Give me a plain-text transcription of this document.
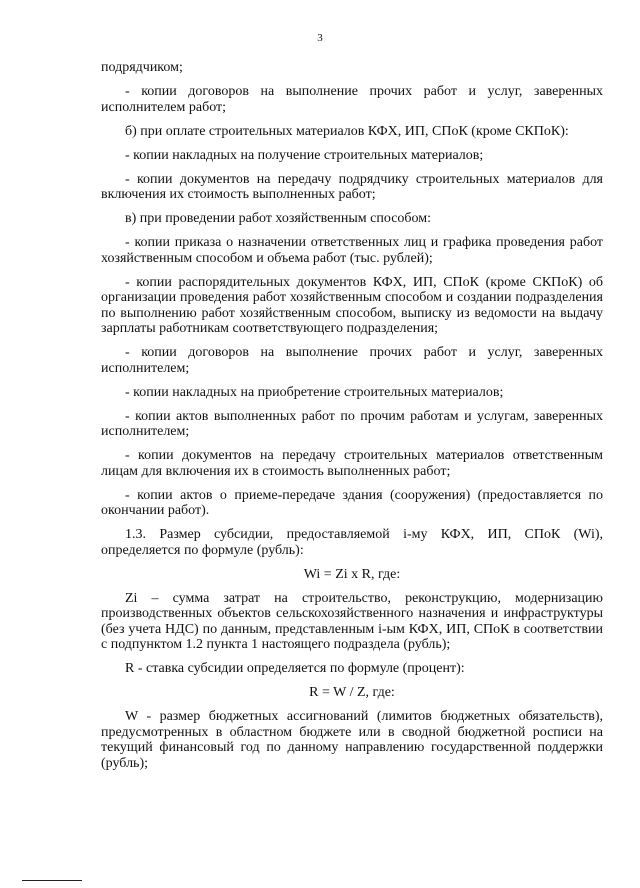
3

подрядчиком;

- копии договоров на выполнение прочих работ и услуг, заверенных исполнителем работ;

б) при оплате строительных материалов КФХ, ИП, СПоК (кроме СКПоК):

- копии накладных на получение строительных материалов;

- копии документов на передачу подрядчику строительных материалов для включения их стоимость выполненных работ;

в) при проведении работ хозяйственным способом:

- копии приказа о назначении ответственных лиц и графика проведения работ хозяйственным способом и объема работ (тыс. рублей);

- копии распорядительных документов КФХ, ИП, СПоК (кроме СКПоК) об организации проведения работ хозяйственным способом и создании подразделения по выполнению работ хозяйственным способом, выписку из ведомости на выдачу зарплаты работникам соответствующего подразделения;

- копии договоров на выполнение прочих работ и услуг, заверенных исполнителем;

- копии накладных на приобретение строительных материалов;

- копии актов выполненных работ по прочим работам и услугам, заверенных исполнителем;

- копии документов на передачу строительных материалов ответственным лицам для включения их в стоимость выполненных работ;

- копии актов о приеме-передаче здания (сооружения) (предоставляется по окончании работ).

1.3. Размер субсидии, предоставляемой i-му КФХ, ИП, СПоК (Wi), определяется по формуле (рубль):

Wi = Zi x R, где:

Zi – сумма затрат на строительство, реконструкцию, модернизацию производственных объектов сельскохозяйственного назначения и инфраструктуры (без учета НДС) по данным, представленным i-ым КФХ, ИП, СПоК в соответствии с подпунктом 1.2 пункта 1 настоящего подраздела (рубль);

R - ставка субсидии определяется по формуле (процент):

R = W / Z, где:

W - размер бюджетных ассигнований (лимитов бюджетных обязательств), предусмотренных в областном бюджете или в сводной бюджетной росписи на текущий финансовый год по данному направлению государственной поддержки (рубль);
